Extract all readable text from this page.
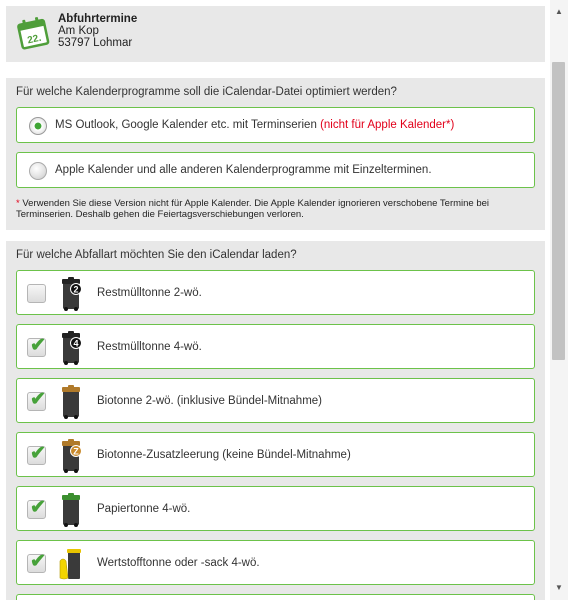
22.
Abfuhrtermine
Am Kop
53797 Lohmar
Für welche Kalenderprogramme soll die iCalendar-Datei optimiert werden?
MS Outlook, Google Kalender etc. mit Terminserien (nicht für Apple Kalender*)
Apple Kalender und alle anderen Kalenderprogramme mit Einzelterminen.
* Verwenden Sie diese Version nicht für Apple Kalender. Die Apple Kalender ignorieren verschobene Termine bei Terminserien. Deshalb gehen die Feiertagsverschiebungen verloren.
Für welche Abfallart möchten Sie den iCalendar laden?
2 Restmülltonne 2-wö.
✔	4 Restmülltonne 4-wö.
✔	Biotonne 2-wö. (inklusive Bündel-Mitnahme)
✔	Z Biotonne-Zusatzleerung (keine Bündel-Mitnahme)
✔	Papiertonne 4-wö.
✔	Wertstofftonne oder -sack 4-wö.
▲
▼
